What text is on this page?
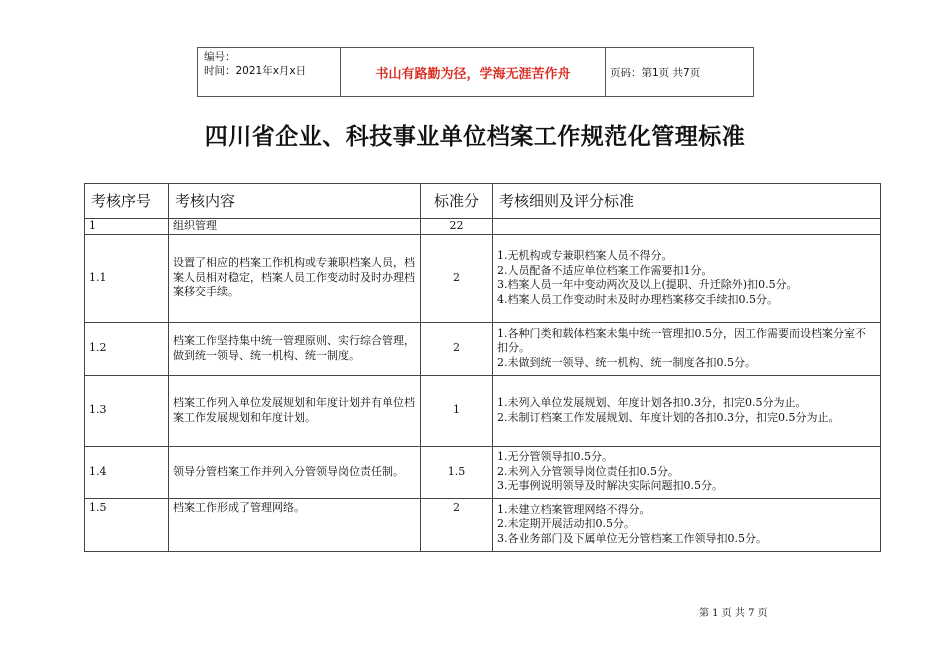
编号：
时间：2021年x月x日	书山有路勤为径，学海无涯苦作舟	页码：第1页 共7页
四川省企业、科技事业单位档案工作规范化管理标准
考核序号	考核内容	标准分	考核细则及评分标准
1	组织管理	22	
1.1	设置了相应的档案工作机构或专兼职档案人员，档案人员相对稳定，档案人员工作变动时及时办理档案移交手续。	2	1.无机构或专兼职档案人员不得分。
2.人员配备不适应单位档案工作需要扣1分。
3.档案人员一年中变动两次及以上(提职、升迁除外)扣0.5分。
4.档案人员工作变动时未及时办理档案移交手续扣0.5分。

1.2	档案工作坚持集中统一管理原则、实行综合管理，做到统一领导、统一机构、统一制度。	2	1.各种门类和载体档案未集中统一管理扣0.5分，因工作需要而设档案分室不扣分。
2.未做到统一领导、统一机构、统一制度各扣0.5分。

1.3	档案工作列入单位发展规划和年度计划并有单位档案工作发展规划和年度计划。	1	1.未列入单位发展规划、年度计划各扣0.3分，扣完0.5分为止。
2.未制订档案工作发展规划、年度计划的各扣0.3分，扣完0.5分为止。

1.4	领导分管档案工作并列入分管领导岗位责任制。	1.5	1.无分管领导扣0.5分。
2.未列入分管领导岗位责任扣0.5分。
3.无事例说明领导及时解决实际问题扣0.5分。

1.5	档案工作形成了管理网络。	2	1.未建立档案管理网络不得分。
2.未定期开展活动扣0.5分。
3.各业务部门及下属单位无分管档案工作领导扣0.5分。
第 1 页 共 7 页
